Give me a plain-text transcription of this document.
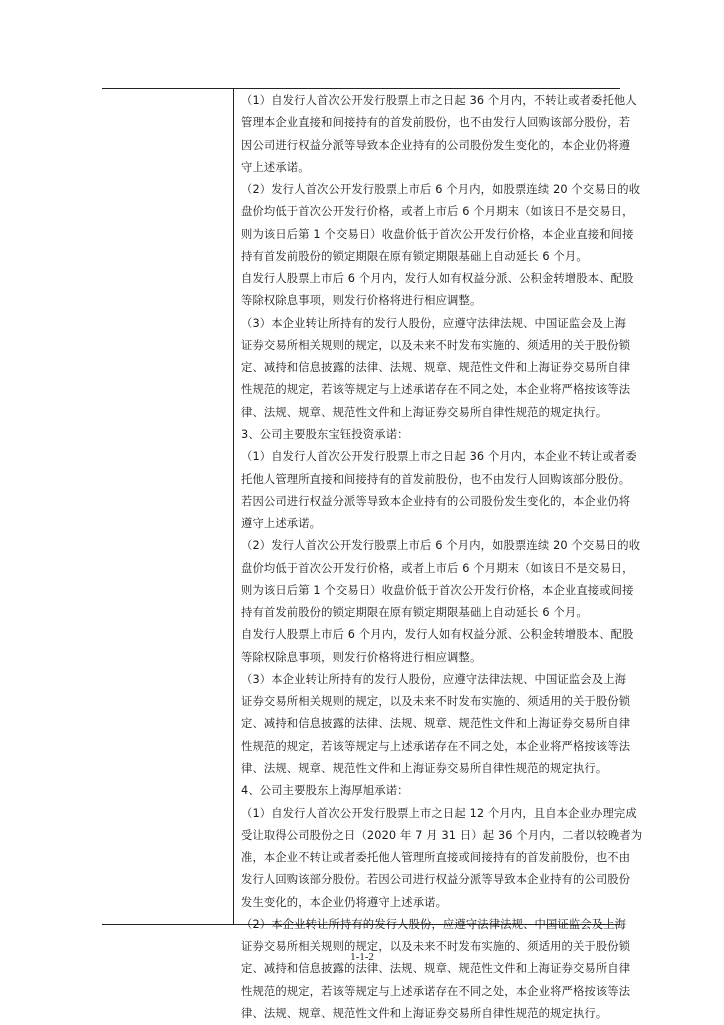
（1）自发行人首次公开发行股票上市之日起 36 个月内，不转让或者委托他人
管理本企业直接和间接持有的首发前股份，也不由发行人回购该部分股份，若
因公司进行权益分派等导致本企业持有的公司股份发生变化的，本企业仍将遵
守上述承诺。
（2）发行人首次公开发行股票上市后 6 个月内，如股票连续 20 个交易日的收
盘价均低于首次公开发行价格，或者上市后 6 个月期末（如该日不是交易日，
则为该日后第 1 个交易日）收盘价低于首次公开发行价格，本企业直接和间接
持有首发前股份的锁定期限在原有锁定期限基础上自动延长 6 个月。
自发行人股票上市后 6 个月内，发行人如有权益分派、公积金转增股本、配股
等除权除息事项，则发行价格将进行相应调整。
（3）本企业转让所持有的发行人股份，应遵守法律法规、中国证监会及上海
证券交易所相关规则的规定，以及未来不时发布实施的、须适用的关于股份锁
定、减持和信息披露的法律、法规、规章、规范性文件和上海证券交易所自律
性规范的规定，若该等规定与上述承诺存在不同之处，本企业将严格按该等法
律、法规、规章、规范性文件和上海证券交易所自律性规范的规定执行。
3、公司主要股东宝钰投资承诺：
（1）自发行人首次公开发行股票上市之日起 36 个月内，本企业不转让或者委
托他人管理所直接和间接持有的首发前股份，也不由发行人回购该部分股份。
若因公司进行权益分派等导致本企业持有的公司股份发生变化的，本企业仍将
遵守上述承诺。
（2）发行人首次公开发行股票上市后 6 个月内，如股票连续 20 个交易日的收
盘价均低于首次公开发行价格，或者上市后 6 个月期末（如该日不是交易日，
则为该日后第 1 个交易日）收盘价低于首次公开发行价格，本企业直接或间接
持有首发前股份的锁定期限在原有锁定期限基础上自动延长 6 个月。
自发行人股票上市后 6 个月内，发行人如有权益分派、公积金转增股本、配股
等除权除息事项，则发行价格将进行相应调整。
（3）本企业转让所持有的发行人股份，应遵守法律法规、中国证监会及上海
证券交易所相关规则的规定，以及未来不时发布实施的、须适用的关于股份锁
定、减持和信息披露的法律、法规、规章、规范性文件和上海证券交易所自律
性规范的规定，若该等规定与上述承诺存在不同之处，本企业将严格按该等法
律、法规、规章、规范性文件和上海证券交易所自律性规范的规定执行。
4、公司主要股东上海厚旭承诺：
（1）自发行人首次公开发行股票上市之日起 12 个月内，且自本企业办理完成
受让取得公司股份之日（2020 年 7 月 31 日）起 36 个月内，二者以较晚者为
准，本企业不转让或者委托他人管理所直接或间接持有的首发前股份，也不由
发行人回购该部分股份。若因公司进行权益分派等导致本企业持有的公司股份
发生变化的，本企业仍将遵守上述承诺。
（2）本企业转让所持有的发行人股份，应遵守法律法规、中国证监会及上海
证券交易所相关规则的规定，以及未来不时发布实施的、须适用的关于股份锁
定、减持和信息披露的法律、法规、规章、规范性文件和上海证券交易所自律
性规范的规定，若该等规定与上述承诺存在不同之处，本企业将严格按该等法
律、法规、规章、规范性文件和上海证券交易所自律性规范的规定执行。
1-1-2
